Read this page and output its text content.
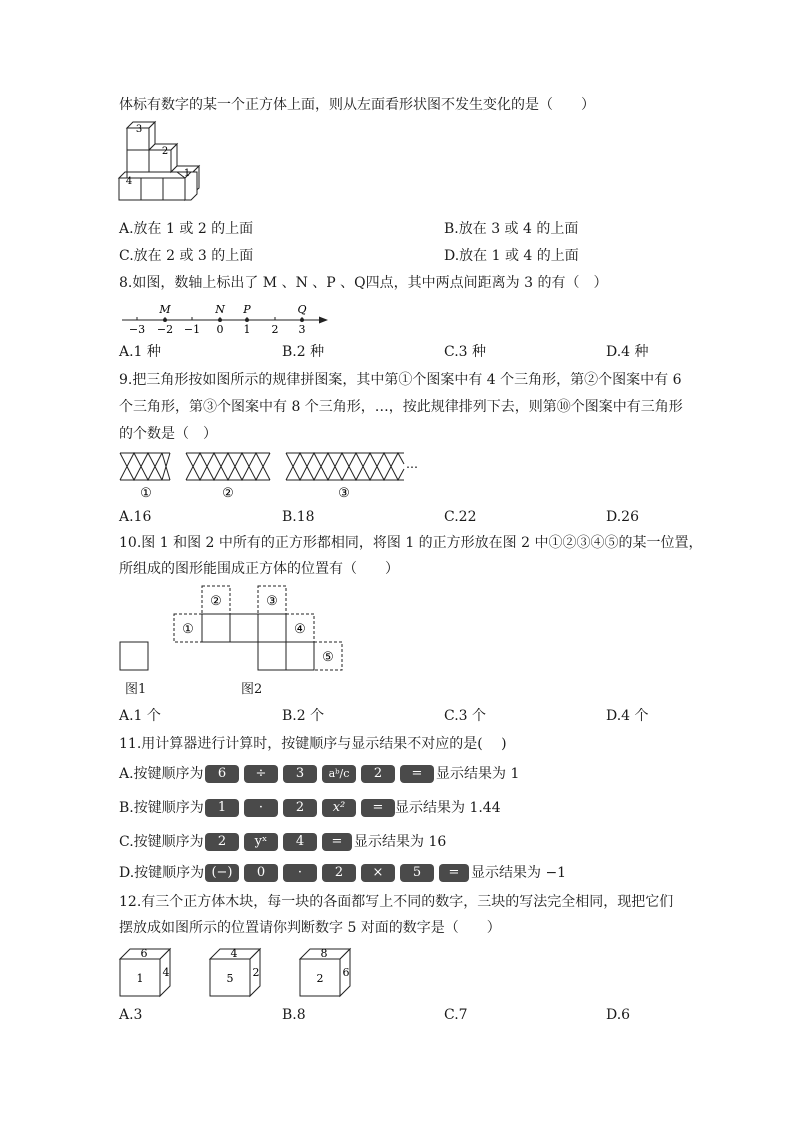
体标有数字的某一个正方体上面，则从左面看形状图不发生变化的是（　　）
3
2
4
1
A.放在 1 或 2 的上面	B.放在 3 或 4 的上面
C.放在 2 或 3 的上面	D.放在 1 或 4 的上面
8.如图，数轴上标出了 M 、N 、P 、Q四点，其中两点间距离为 3 的有（　）
M	N P	Q
−3 −2 −1 0 1 2 3
A.1 种	B.2 种	C.3 种	D.4 种
9.把三角形按如图所示的规律拼图案，其中第①个图案中有 4 个三角形，第②个图案中有 6
个三角形，第③个图案中有 8 个三角形，…，按此规律排列下去，则第⑩个图案中有三角形
的个数是（　）
…
①	②	③
A.16	B.18	C.22	D.26
10.图 1 和图 2 中所有的正方形都相同，将图 1 的正方形放在图 2 中①②③④⑤的某一位置，
所组成的图形能围成正方体的位置有（　　）
②	③
①	④
⑤
图1	图2
A.1 个	B.2 个	C.3 个	D.4 个
11.用计算器进行计算时，按键顺序与显示结果不对应的是(　 )
A.按键顺序为	6	÷	3	aᵇ/c	2	= 显示结果为 1
B.按键顺序为	1	·	2	x²	= 显示结果为 1.44
C.按键顺序为	2	yˣ	4	= 显示结果为 16
D.按键顺序为 (−)	0	·	2	×	5	= 显示结果为 −1
12.有三个正方体木块，每一块的各面都写上不同的数字，三块的写法完全相同，现把它们
摆放成如图所示的位置请你判断数字 5 对面的数字是（　　）
6
1 4
4
5 2
8
2 6
A.3	B.8	C.7	D.6
